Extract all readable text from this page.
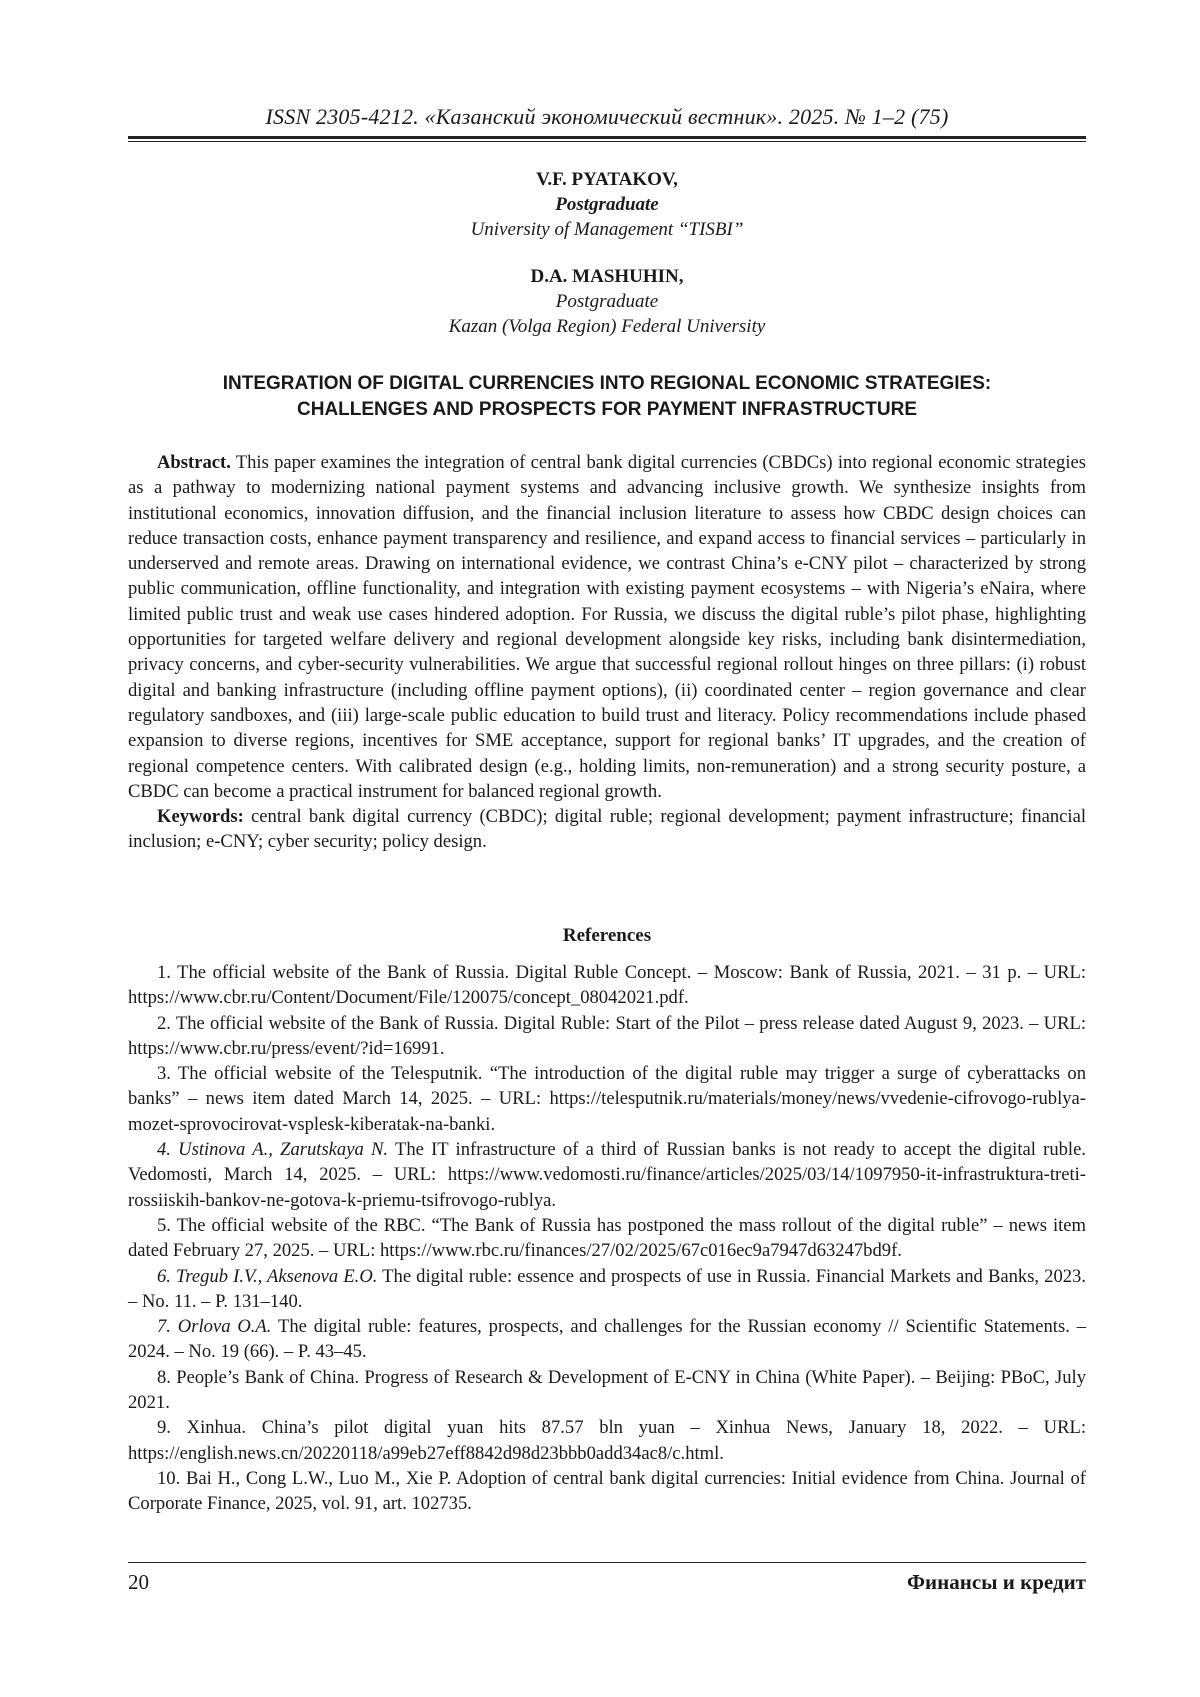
ISSN 2305-4212. «Казанский экономический вестник». 2025. № 1–2 (75)
V.F. PYATAKOV,
Postgraduate
University of Management “TISBI”
D.A. MASHUHIN,
Postgraduate
Kazan (Volga Region) Federal University
INTEGRATION OF DIGITAL CURRENCIES INTO REGIONAL ECONOMIC STRATEGIES:
CHALLENGES AND PROSPECTS FOR PAYMENT INFRASTRUCTURE

Abstract. This paper examines the integration of central bank digital currencies (CBDCs) into regional economic strategies as a pathway to modernizing national payment systems and advancing inclusive growth. We synthesize insights from institutional economics, innovation diffusion, and the financial inclusion literature to assess how CBDC design choices can reduce transaction costs, enhance payment transparency and resilience, and expand access to financial services – particularly in underserved and remote areas. Drawing on international evidence, we contrast China’s e-CNY pilot – characterized by strong public communication, offline functionality, and integration with existing payment ecosystems – with Nigeria’s eNaira, where limited public trust and weak use cases hindered adoption. For Russia, we discuss the digital ruble’s pilot phase, highlighting opportunities for targeted welfare delivery and regional development alongside key risks, including bank disintermediation, privacy concerns, and cyber-security vulnerabilities. We argue that successful regional rollout hinges on three pillars: (i) robust digital and banking infrastructure (including offline payment options), (ii) coordinated center – region governance and clear regulatory sandboxes, and (iii) large-scale public education to build trust and literacy. Policy recommendations include phased expansion to diverse regions, incentives for SME acceptance, support for regional banks’ IT upgrades, and the creation of regional competence centers. With calibrated design (e.g., holding limits, non-remuneration) and a strong security posture, a CBDC can become a practical instrument for balanced regional growth.

Keywords: central bank digital currency (CBDC); digital ruble; regional development; payment infrastructure; financial inclusion; e-CNY; cyber security; policy design.

References

1. The official website of the Bank of Russia. Digital Ruble Concept. – Moscow: Bank of Russia, 2021. – 31 p. – URL: https://www.cbr.ru/Content/Document/File/120075/concept_08042021.pdf.

2. The official website of the Bank of Russia. Digital Ruble: Start of the Pilot – press release dated August 9, 2023. – URL: https://www.cbr.ru/press/event/?id=16991.

3. The official website of the Telesputnik. “The introduction of the digital ruble may trigger a surge of cyberattacks on banks” – news item dated March 14, 2025. – URL: https://telesputnik.ru/materials/money/news/vvedenie-cifrovogo-rublya-mozet-sprovocirovat-vsplesk-kiberatak-na-banki.

4. Ustinova A., Zarutskaya N. The IT infrastructure of a third of Russian banks is not ready to accept the digital ruble. Vedomosti, March 14, 2025. – URL: https://www.vedomosti.ru/finance/articles/2025/03/14/1097950-it-infrastruktura-treti-rossiiskih-bankov-ne-gotova-k-priemu-tsifrovogo-rublya.

5. The official website of the RBC. “The Bank of Russia has postponed the mass rollout of the digital ruble” – news item dated February 27, 2025. – URL: https://www.rbc.ru/finances/27/02/2025/67c016ec9a7947d63247bd9f.

6. Tregub I.V., Aksenova E.O. The digital ruble: essence and prospects of use in Russia. Financial Markets and Banks, 2023. – No. 11. – P. 131–140.

7. Orlova O.A. The digital ruble: features, prospects, and challenges for the Russian economy // Scientific Statements. – 2024. – No. 19 (66). – P. 43–45.

8. People’s Bank of China. Progress of Research & Development of E-CNY in China (White Paper). – Beijing: PBoC, July 2021.

9. Xinhua. China’s pilot digital yuan hits 87.57 bln yuan – Xinhua News, January 18, 2022. – URL: https://english.news.cn/20220118/a99eb27eff8842d98d23bbb0add34ac8/c.html.

10. Bai H., Cong L.W., Luo M., Xie P. Adoption of central bank digital currencies: Initial evidence from China. Journal of Corporate Finance, 2025, vol. 91, art. 102735.

20	Финансы и кредит
